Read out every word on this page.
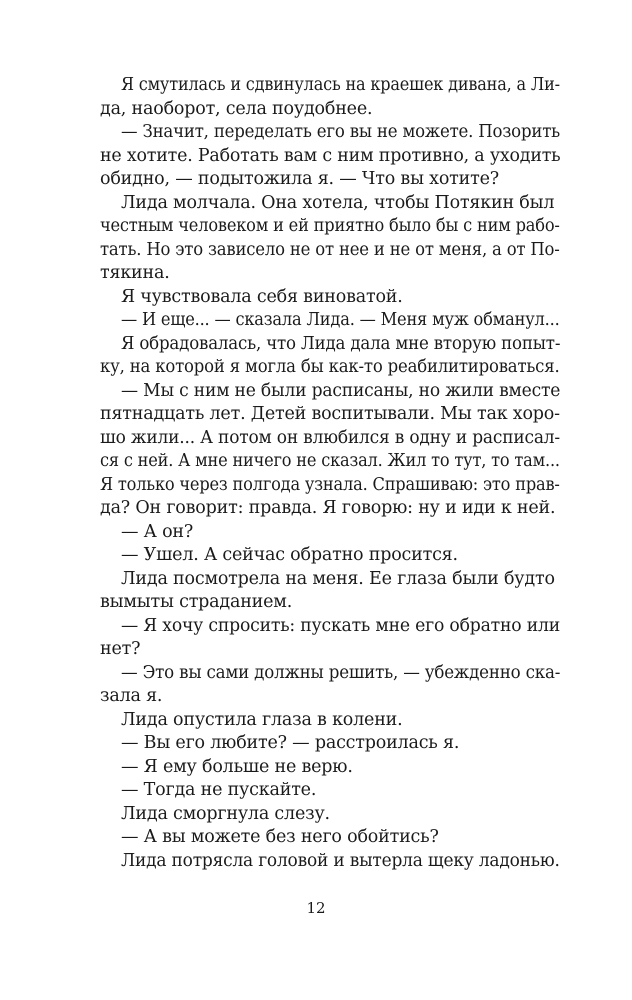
Я смутилась и сдвинулась на краешек дивана, а Ли-
да, наоборот, села поудобнее.
— Значит, переделать его вы не можете. Позорить
не хотите. Работать вам с ним противно, а уходить
обидно, — подытожила я. — Что вы хотите?
Лида молчала. Она хотела, чтобы Потякин был
честным человеком и ей приятно было бы с ним рабо-
тать. Но это зависело не от нее и не от меня, а от По-
тякина.
Я чувствовала себя виноватой.
— И еще... — сказала Лида. — Меня муж обманул...
Я обрадовалась, что Лида дала мне вторую попыт-
ку, на которой я могла бы как-то реабилитироваться.
— Мы с ним не были расписаны, но жили вместе
пятнадцать лет. Детей воспитывали. Мы так хоро-
шо жили... А потом он влюбился в одну и расписал-
ся с ней. А мне ничего не сказал. Жил то тут, то там...
Я только через полгода узнала. Спрашиваю: это прав-
да? Он говорит: правда. Я говорю: ну и иди к ней.
— А он?
— Ушел. А сейчас обратно просится.
Лида посмотрела на меня. Ее глаза были будто
вымыты страданием.
— Я хочу спросить: пускать мне его обратно или
нет?
— Это вы сами должны решить, — убежденно ска-
зала я.
Лида опустила глаза в колени.
— Вы его любите? — расстроилась я.
— Я ему больше не верю.
— Тогда не пускайте.
Лида сморгнула слезу.
— А вы можете без него обойтись?
Лида потрясла головой и вытерла щеку ладонью.
12
